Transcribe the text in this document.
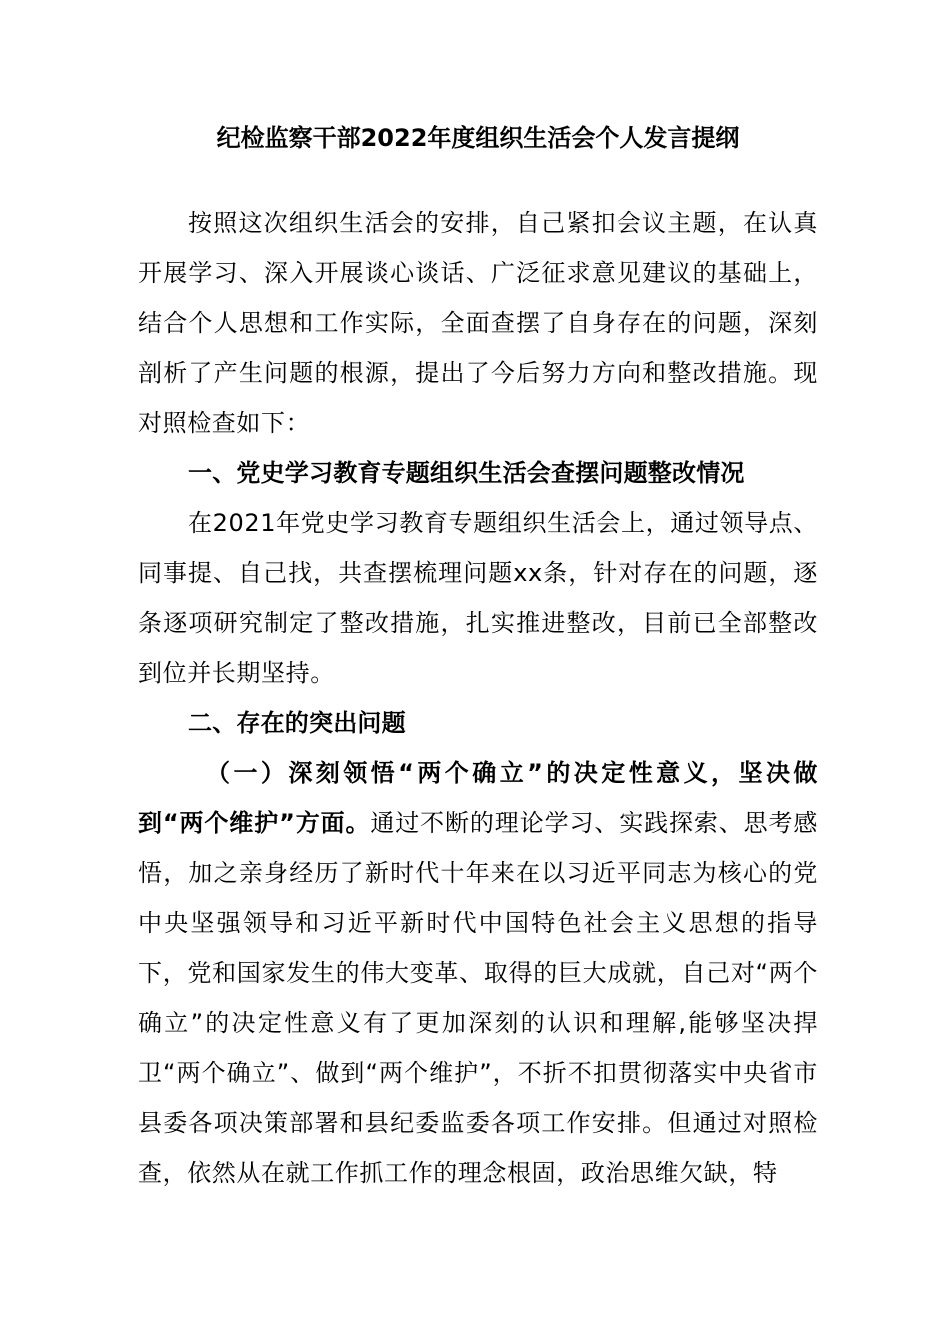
纪检监察干部2022年度组织生活会个人发言提纲

按照这次组织生活会的安排，自己紧扣会议主题，在认真开展学习、深入开展谈心谈话、广泛征求意见建议的基础上，结合个人思想和工作实际，全面查摆了自身存在的问题，深刻剖析了产生问题的根源，提出了今后努力方向和整改措施。现对照检查如下：

一、党史学习教育专题组织生活会查摆问题整改情况

在2021年党史学习教育专题组织生活会上，通过领导点、同事提、自己找，共查摆梳理问题xx条，针对存在的问题，逐条逐项研究制定了整改措施，扎实推进整改，目前已全部整改到位并长期坚持。

二、存在的突出问题

（一）深刻领悟“两个确立”的决定性意义，坚决做到“两个维护”方面。通过不断的理论学习、实践探索、思考感悟，加之亲身经历了新时代十年来在以习近平同志为核心的党中央坚强领导和习近平新时代中国特色社会主义思想的指导下，党和国家发生的伟大变革、取得的巨大成就，自己对“两个确立”的决定性意义有了更加深刻的认识和理解,能够坚决捍卫“两个确立”、做到“两个维护”，不折不扣贯彻落实中央省市县委各项决策部署和县纪委监委各项工作安排。但通过对照检查，依然从在就工作抓工作的理念根固，政治思维欠缺，特
